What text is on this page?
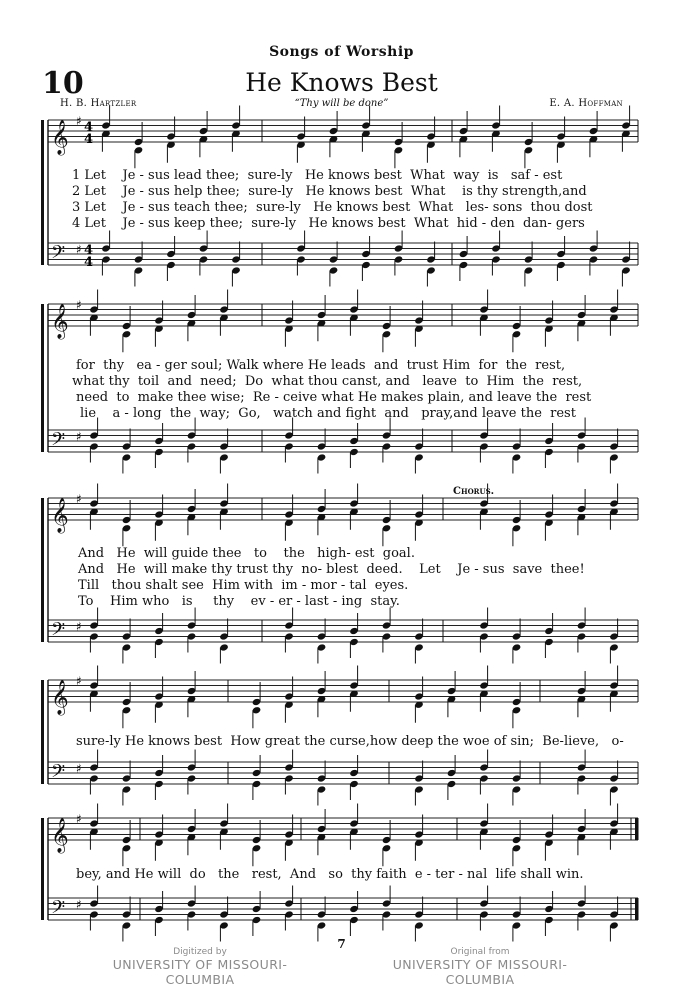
Songs of Worship
10	He Knows Best
H. B. Hartzler	“Thy will be done”	E. A. Hoffman
𝄞
𝄢
♯
♯
4
4
4
4
𝄞
𝄢
♯
♯
𝄞
𝄢
♯
♯
𝄞
𝄢
♯
♯
𝄞
𝄢
♯
♯
Chorus.
1 Let    Je - sus lead thee;  sure-ly   He knows best  What  way  is   saf - est
2 Let    Je - sus help thee;  sure-ly   He knows best  What    is thy strength,and
3 Let    Je - sus teach thee;  sure-ly   He knows best  What   les- sons  thou dost
4 Let    Je - sus keep thee;  sure-ly   He knows best  What  hid - den  dan- gers
for  thy   ea - ger soul; Walk where He leads  and  trust Him  for  the  rest,
what thy  toil  and  need;  Do  what thou canst, and   leave  to  Him  the  rest,
need  to  make thee wise;  Re - ceive what He makes plain, and leave the  rest
lie    a - long  the  way;  Go,   watch and fight  and   pray,and leave the  rest
And   He  will guide thee   to    the   high- est  goal.
And   He  will make thy trust thy  no- blest  deed.    Let    Je - sus  save  thee!
Till   thou shalt see  Him with  im - mor - tal  eyes.
To    Him who   is     thy    ev - er - last - ing  stay.
sure-ly He knows best  How great the curse,how deep the woe of sin;  Be-lieve,   o-
bey, and He will  do   the   rest,  And   so  thy faith  e - ter - nal  life shall win.
7
Digitized by
UNIVERSITY OF MISSOURI-COLUMBIA
Original from
UNIVERSITY OF MISSOURI-COLUMBIA
